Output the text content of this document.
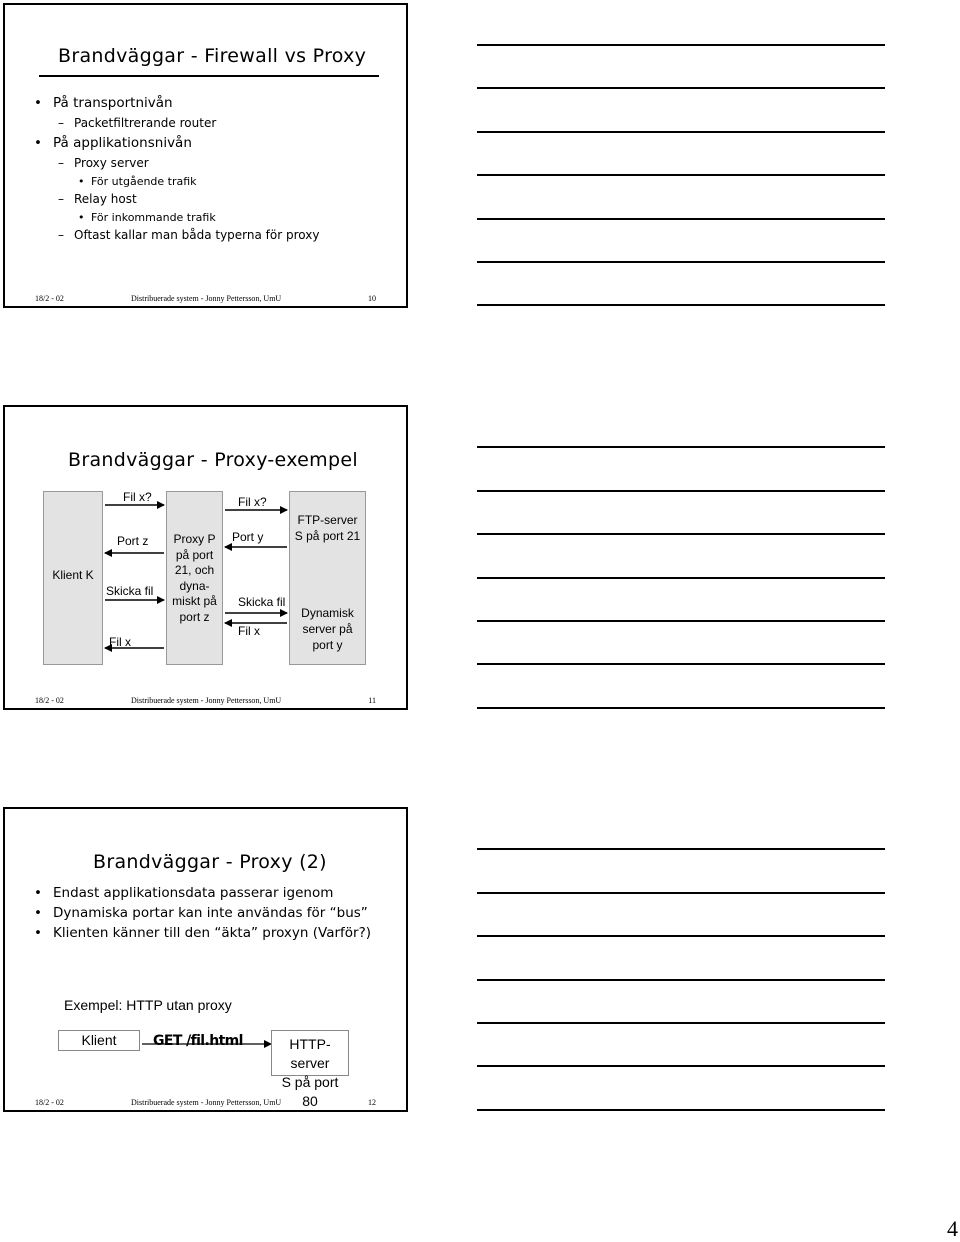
Brandväggar - Firewall vs Proxy
• På transportnivån
– Packetfiltrerande router
• På applikationsnivån
– Proxy server
• För utgående trafik
– Relay host
• För inkommande trafik
– Oftast kallar man båda typerna för proxy
18/2 - 02	Distribuerade system - Jonny Pettersson, UmU	10
Brandväggar - Proxy-exempel
Klient K
Proxy P
på port
21, och
dyna-
miskt på
port z
FTP-server
S på port 21
Dynamisk
server på
port y
Fil x?
Port z
Skicka fil
Fil x
Fil x?
Port y
Skicka fil
Fil x
18/2 - 02	Distribuerade system - Jonny Pettersson, UmU	11
Brandväggar - Proxy (2)
• Endast applikationsdata passerar igenom
• Dynamiska portar kan inte användas för “bus”
• Klienten känner till den “äkta” proxyn (Varför?)
Exempel: HTTP utan proxy
Klient	GET /fil.html	HTTP-server
S på port 80
18/2 - 02	Distribuerade system - Jonny Pettersson, UmU	12
4
